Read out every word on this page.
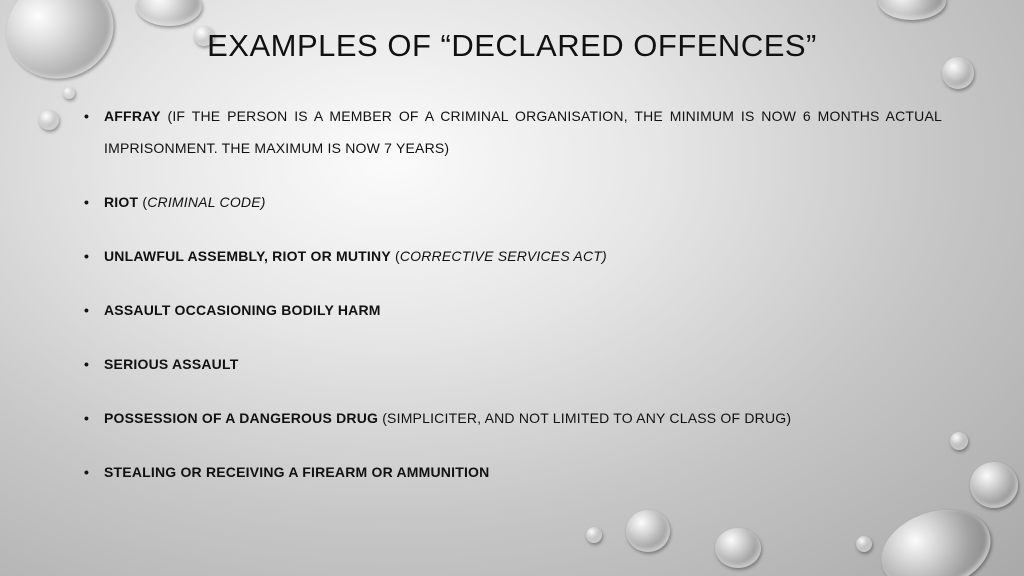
EXAMPLES OF “DECLARED OFFENCES”
• AFFRAY (IF THE PERSON IS A MEMBER OF A CRIMINAL ORGANISATION, THE MINIMUM IS NOW 6 MONTHS ACTUAL IMPRISONMENT. THE MAXIMUM IS NOW 7 YEARS)
• RIOT (CRIMINAL CODE)
• UNLAWFUL ASSEMBLY, RIOT OR MUTINY (CORRECTIVE SERVICES ACT)
• ASSAULT OCCASIONING BODILY HARM
• SERIOUS ASSAULT
• POSSESSION OF A DANGEROUS DRUG (SIMPLICITER, AND NOT LIMITED TO ANY CLASS OF DRUG)
• STEALING OR RECEIVING A FIREARM OR AMMUNITION
